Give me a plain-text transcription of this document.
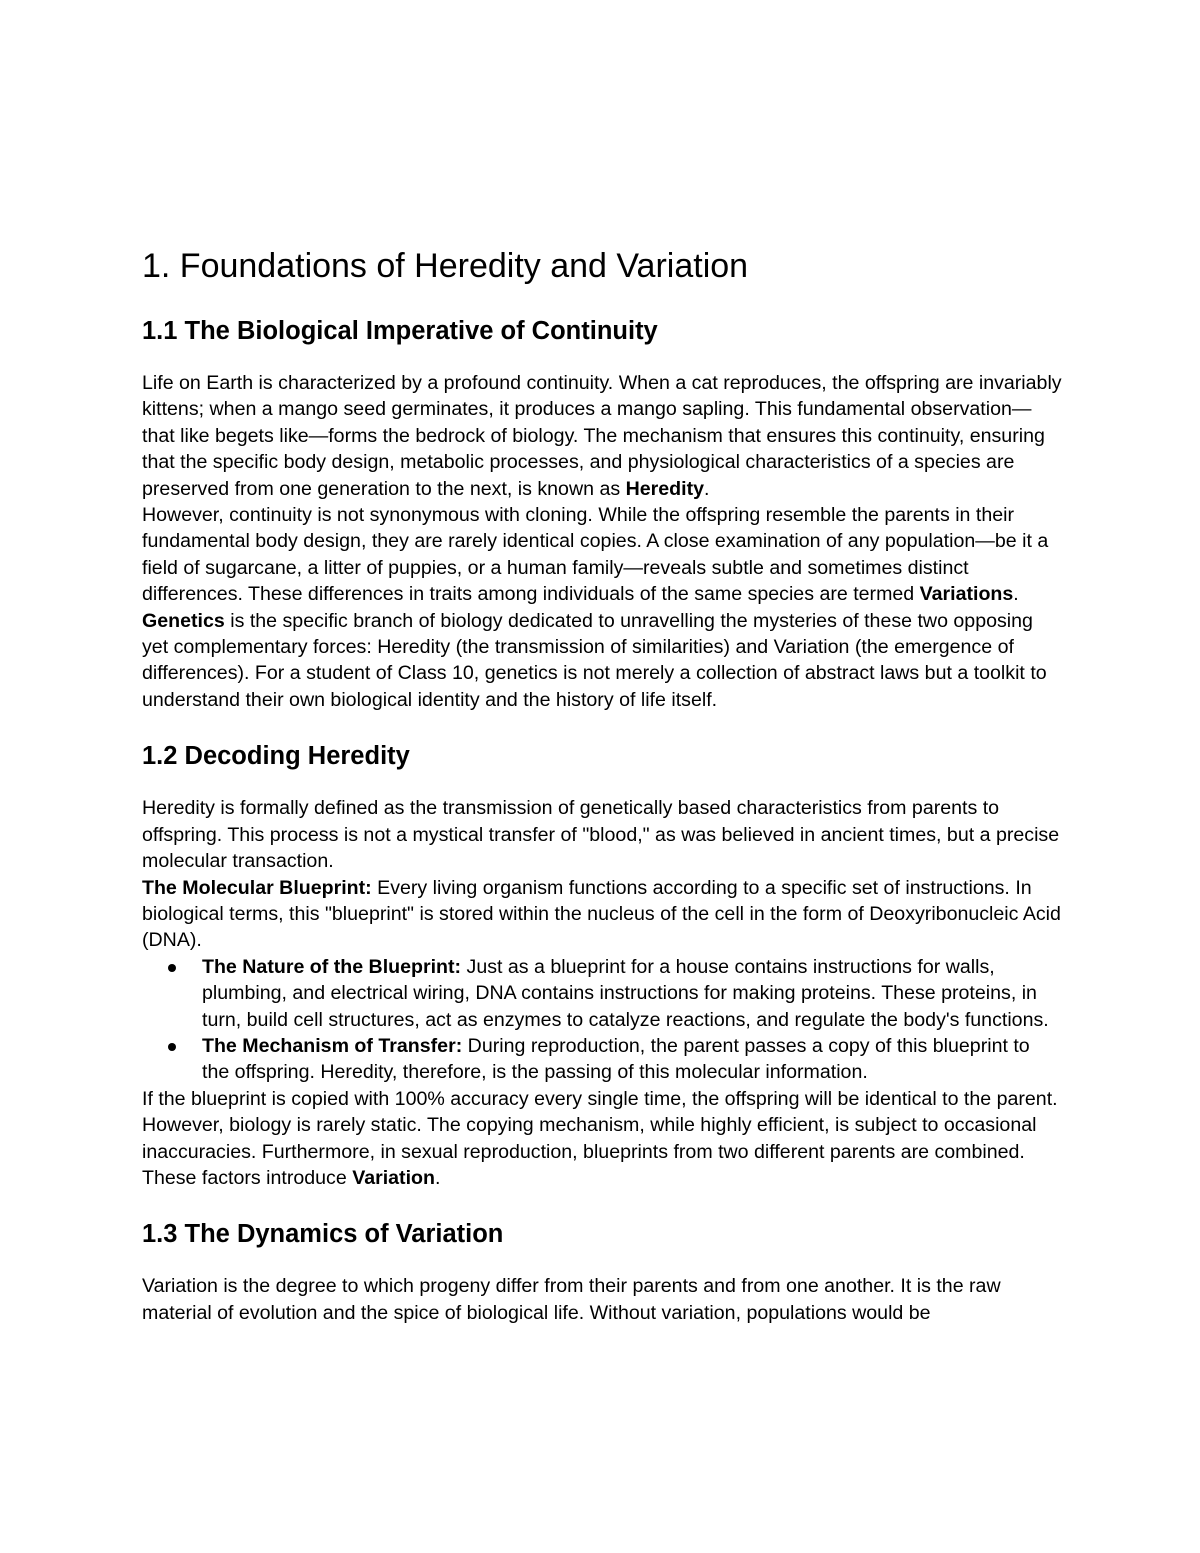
1. Foundations of Heredity and Variation
1.1 The Biological Imperative of Continuity

Life on Earth is characterized by a profound continuity. When a cat reproduces, the offspring are invariably kittens; when a mango seed germinates, it produces a mango sapling. This fundamental observation—that like begets like—forms the bedrock of biology. The mechanism that ensures this continuity, ensuring that the specific body design, metabolic processes, and physiological characteristics of a species are preserved from one generation to the next, is known as Heredity.

However, continuity is not synonymous with cloning. While the offspring resemble the parents in their fundamental body design, they are rarely identical copies. A close examination of any population—be it a field of sugarcane, a litter of puppies, or a human family—reveals subtle and sometimes distinct differences. These differences in traits among individuals of the same species are termed Variations.

Genetics is the specific branch of biology dedicated to unravelling the mysteries of these two opposing yet complementary forces: Heredity (the transmission of similarities) and Variation (the emergence of differences). For a student of Class 10, genetics is not merely a collection of abstract laws but a toolkit to understand their own biological identity and the history of life itself.

1.2 Decoding Heredity

Heredity is formally defined as the transmission of genetically based characteristics from parents to offspring. This process is not a mystical transfer of "blood," as was believed in ancient times, but a precise molecular transaction.

The Molecular Blueprint: Every living organism functions according to a specific set of instructions. In biological terms, this "blueprint" is stored within the nucleus of the cell in the form of Deoxyribonucleic Acid (DNA).

The Nature of the Blueprint: Just as a blueprint for a house contains instructions for walls, plumbing, and electrical wiring, DNA contains instructions for making proteins. These proteins, in turn, build cell structures, act as enzymes to catalyze reactions, and regulate the body's functions.
The Mechanism of Transfer: During reproduction, the parent passes a copy of this blueprint to the offspring. Heredity, therefore, is the passing of this molecular information.

If the blueprint is copied with 100% accuracy every single time, the offspring will be identical to the parent. However, biology is rarely static. The copying mechanism, while highly efficient, is subject to occasional inaccuracies. Furthermore, in sexual reproduction, blueprints from two different parents are combined. These factors introduce Variation.

1.3 The Dynamics of Variation

Variation is the degree to which progeny differ from their parents and from one another. It is the raw material of evolution and the spice of biological life. Without variation, populations would be
